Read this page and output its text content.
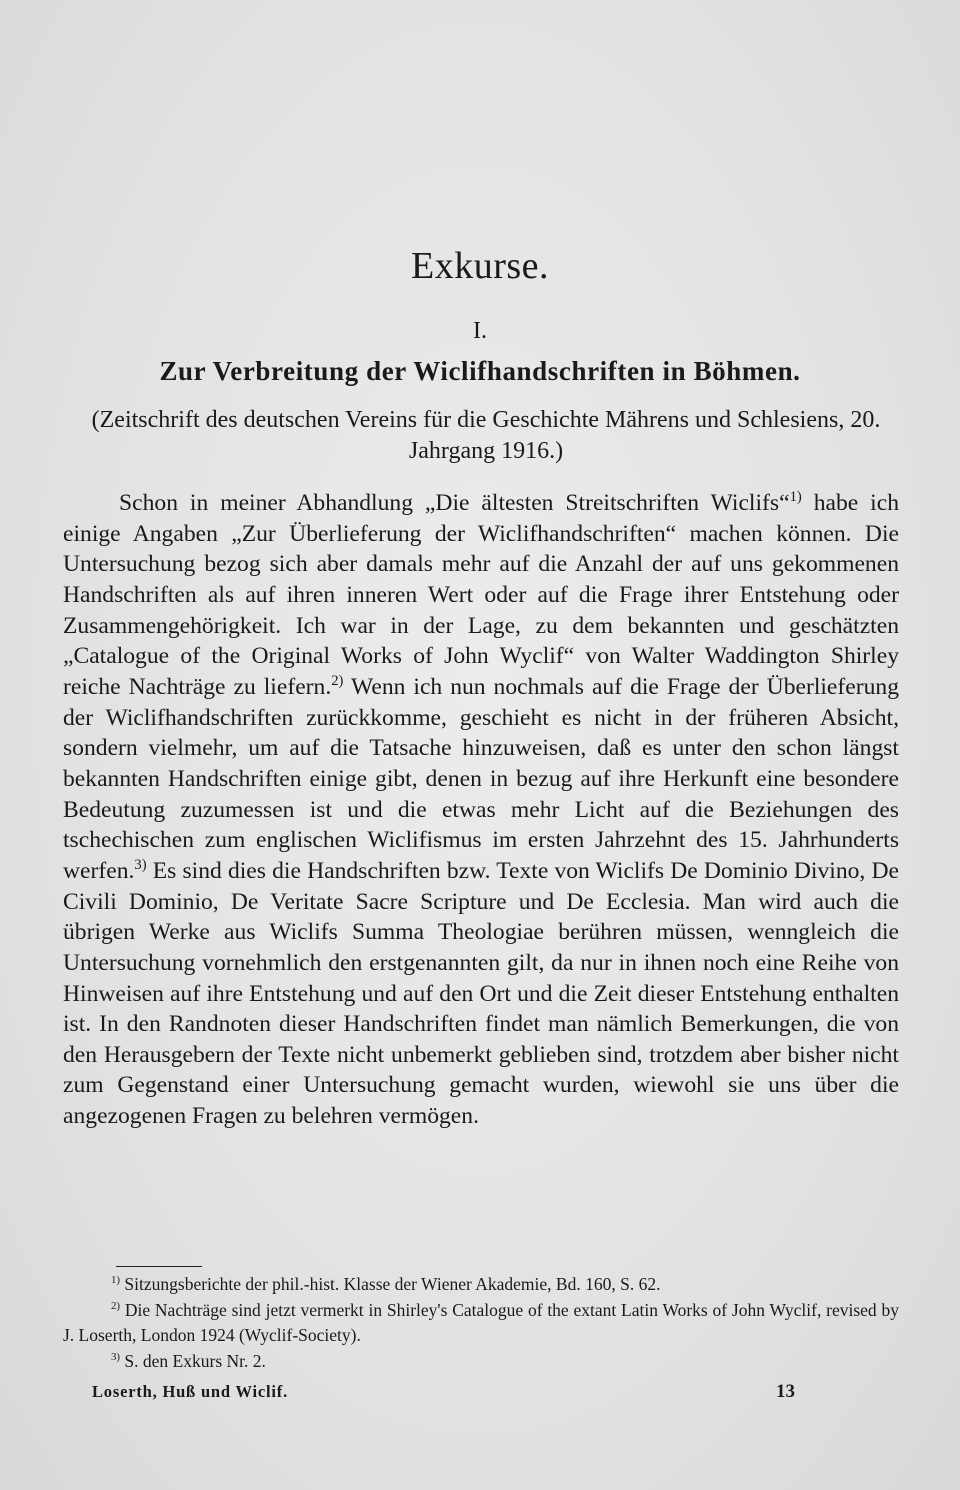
Exkurse.
I.
Zur Verbreitung der Wiclifhandschriften in Böhmen.
(Zeitschrift des deutschen Vereins für die Geschichte Mährens und Schlesiens, 20. Jahrgang 1916.)
Schon in meiner Abhandlung „Die ältesten Streitschriften Wiclifs“$^{1)}$ habe ich einige Angaben „Zur Überlieferung der Wiclifhandschriften“ machen können. Die Untersuchung bezog sich aber damals mehr auf die Anzahl der auf uns gekommenen Handschriften als auf ihren inneren Wert oder auf die Frage ihrer Entstehung oder Zusammengehörigkeit. Ich war in der Lage, zu dem bekannten und geschätzten „Catalogue of the Original Works of John Wyclif“ von Walter Waddington Shirley reiche Nachträge zu liefern.$^{2)}$ Wenn ich nun nochmals auf die Frage der Überlieferung der Wiclifhandschriften zurückkomme, geschieht es nicht in der früheren Absicht, sondern vielmehr, um auf die Tatsache hinzuweisen, daß es unter den schon längst bekannten Handschriften einige gibt, denen in bezug auf ihre Herkunft eine besondere Bedeutung zuzumessen ist und die etwas mehr Licht auf die Beziehungen des tschechischen zum englischen Wiclifismus im ersten Jahrzehnt des 15. Jahrhunderts werfen.$^{3)}$ Es sind dies die Handschriften bzw. Texte von Wiclifs De Dominio Divino, De Civili Dominio, De Veritate Sacre Scripture und De Ecclesia. Man wird auch die übrigen Werke aus Wiclifs Summa Theologiae berühren müssen, wenngleich die Untersuchung vornehmlich den erstgenannten gilt, da nur in ihnen noch eine Reihe von Hinweisen auf ihre Entstehung und auf den Ort und die Zeit dieser Entstehung enthalten ist. In den Randnoten dieser Handschriften findet man nämlich Bemerkungen, die von den Herausgebern der Texte nicht unbemerkt geblieben sind, trotzdem aber bisher nicht zum Gegenstand einer Untersuchung gemacht wurden, wiewohl sie uns über die angezogenen Fragen zu belehren vermögen.

$^{1)}$ Sitzungsberichte der phil.-hist. Klasse der Wiener Akademie, Bd. 160, S. 62.

$^{2)}$ Die Nachträge sind jetzt vermerkt in Shirley's Catalogue of the extant Latin Works of John Wyclif, revised by J. Loserth, London 1924 (Wyclif-Society).

$^{3)}$ S. den Exkurs Nr. 2.

Loserth, Huß und Wiclif.	13
